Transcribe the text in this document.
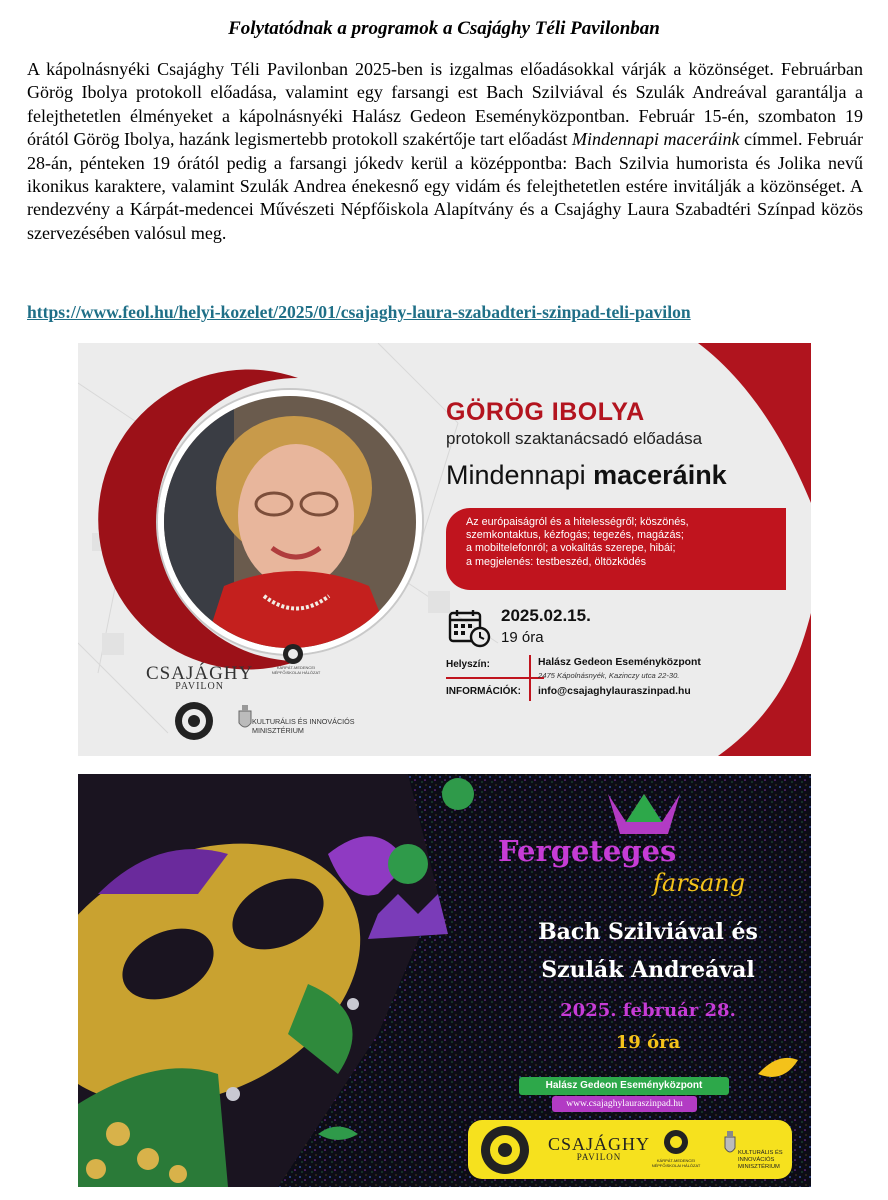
Folytatódnak a programok a Csajághy Téli Pavilonban
A kápolnásnyéki Csajághy Téli Pavilonban 2025-ben is izgalmas előadásokkal várják a közönséget. Februárban Görög Ibolya protokoll előadása, valamint egy farsangi est Bach Szilviával és Szulák Andreával garantálja a felejthetetlen élményeket a kápolnásnyéki Halász Gedeon Eseményközpontban. Február 15-én, szombaton 19 órától Görög Ibolya, hazánk legismertebb protokoll szakértője tart előadást Mindennapi maceráink címmel. Február 28-án, pénteken 19 órától pedig a farsangi jókedv kerül a középpontba: Bach Szilvia humorista és Jolika nevű ikonikus karaktere, valamint Szulák Andrea énekesnő egy vidám és felejthetetlen estére invitálják a közönséget. A rendezvény a Kárpát-medencei Művészeti Népfőiskola Alapítvány és a Csajághy Laura Szabadtéri Színpad közös szervezésében valósul meg.
https://www.feol.hu/helyi-kozelet/2025/01/csajaghy-laura-szabadteri-szinpad-teli-pavilon
GÖRÖG IBOLYA
protokoll szaktanácsadó előadása
Mindennapi maceráink
Az európaiságról és a hitelességről; köszönés,
szemkontaktus, kézfogás; tegezés, magázás;
a mobiltelefonról; a vokalitás szerepe, hibái;
a megjelenés: testbeszéd, öltözködés
2025.02.15.
19 óra
Helyszín:
INFORMÁCIÓK:
Halász Gedeon Eseményközpont
2475 Kápolnásnyék, Kazinczy utca 22-30.
info@csajaghylauraszinpad.hu
CSAJÁGHY
PAVILON
KÁRPÁT-MEDENCEI NÉPFŐISKOLAI HÁLÓZAT
KULTURÁLIS ÉS INNOVÁCIÓS
MINISZTÉRIUM
Fergeteges
farsang
Bach Szilviával és
Szulák Andreával
2025. február 28.
19 óra
Halász Gedeon Eseményközpont
www.csajaghylauraszinpad.hu
CSAJÁGHY
PAVILON	KÁRPÁT-MEDENCEI NÉPFŐISKOLAI HÁLÓZAT
KULTURÁLIS ÉS INNOVÁCIÓS
MINISZTÉRIUM
